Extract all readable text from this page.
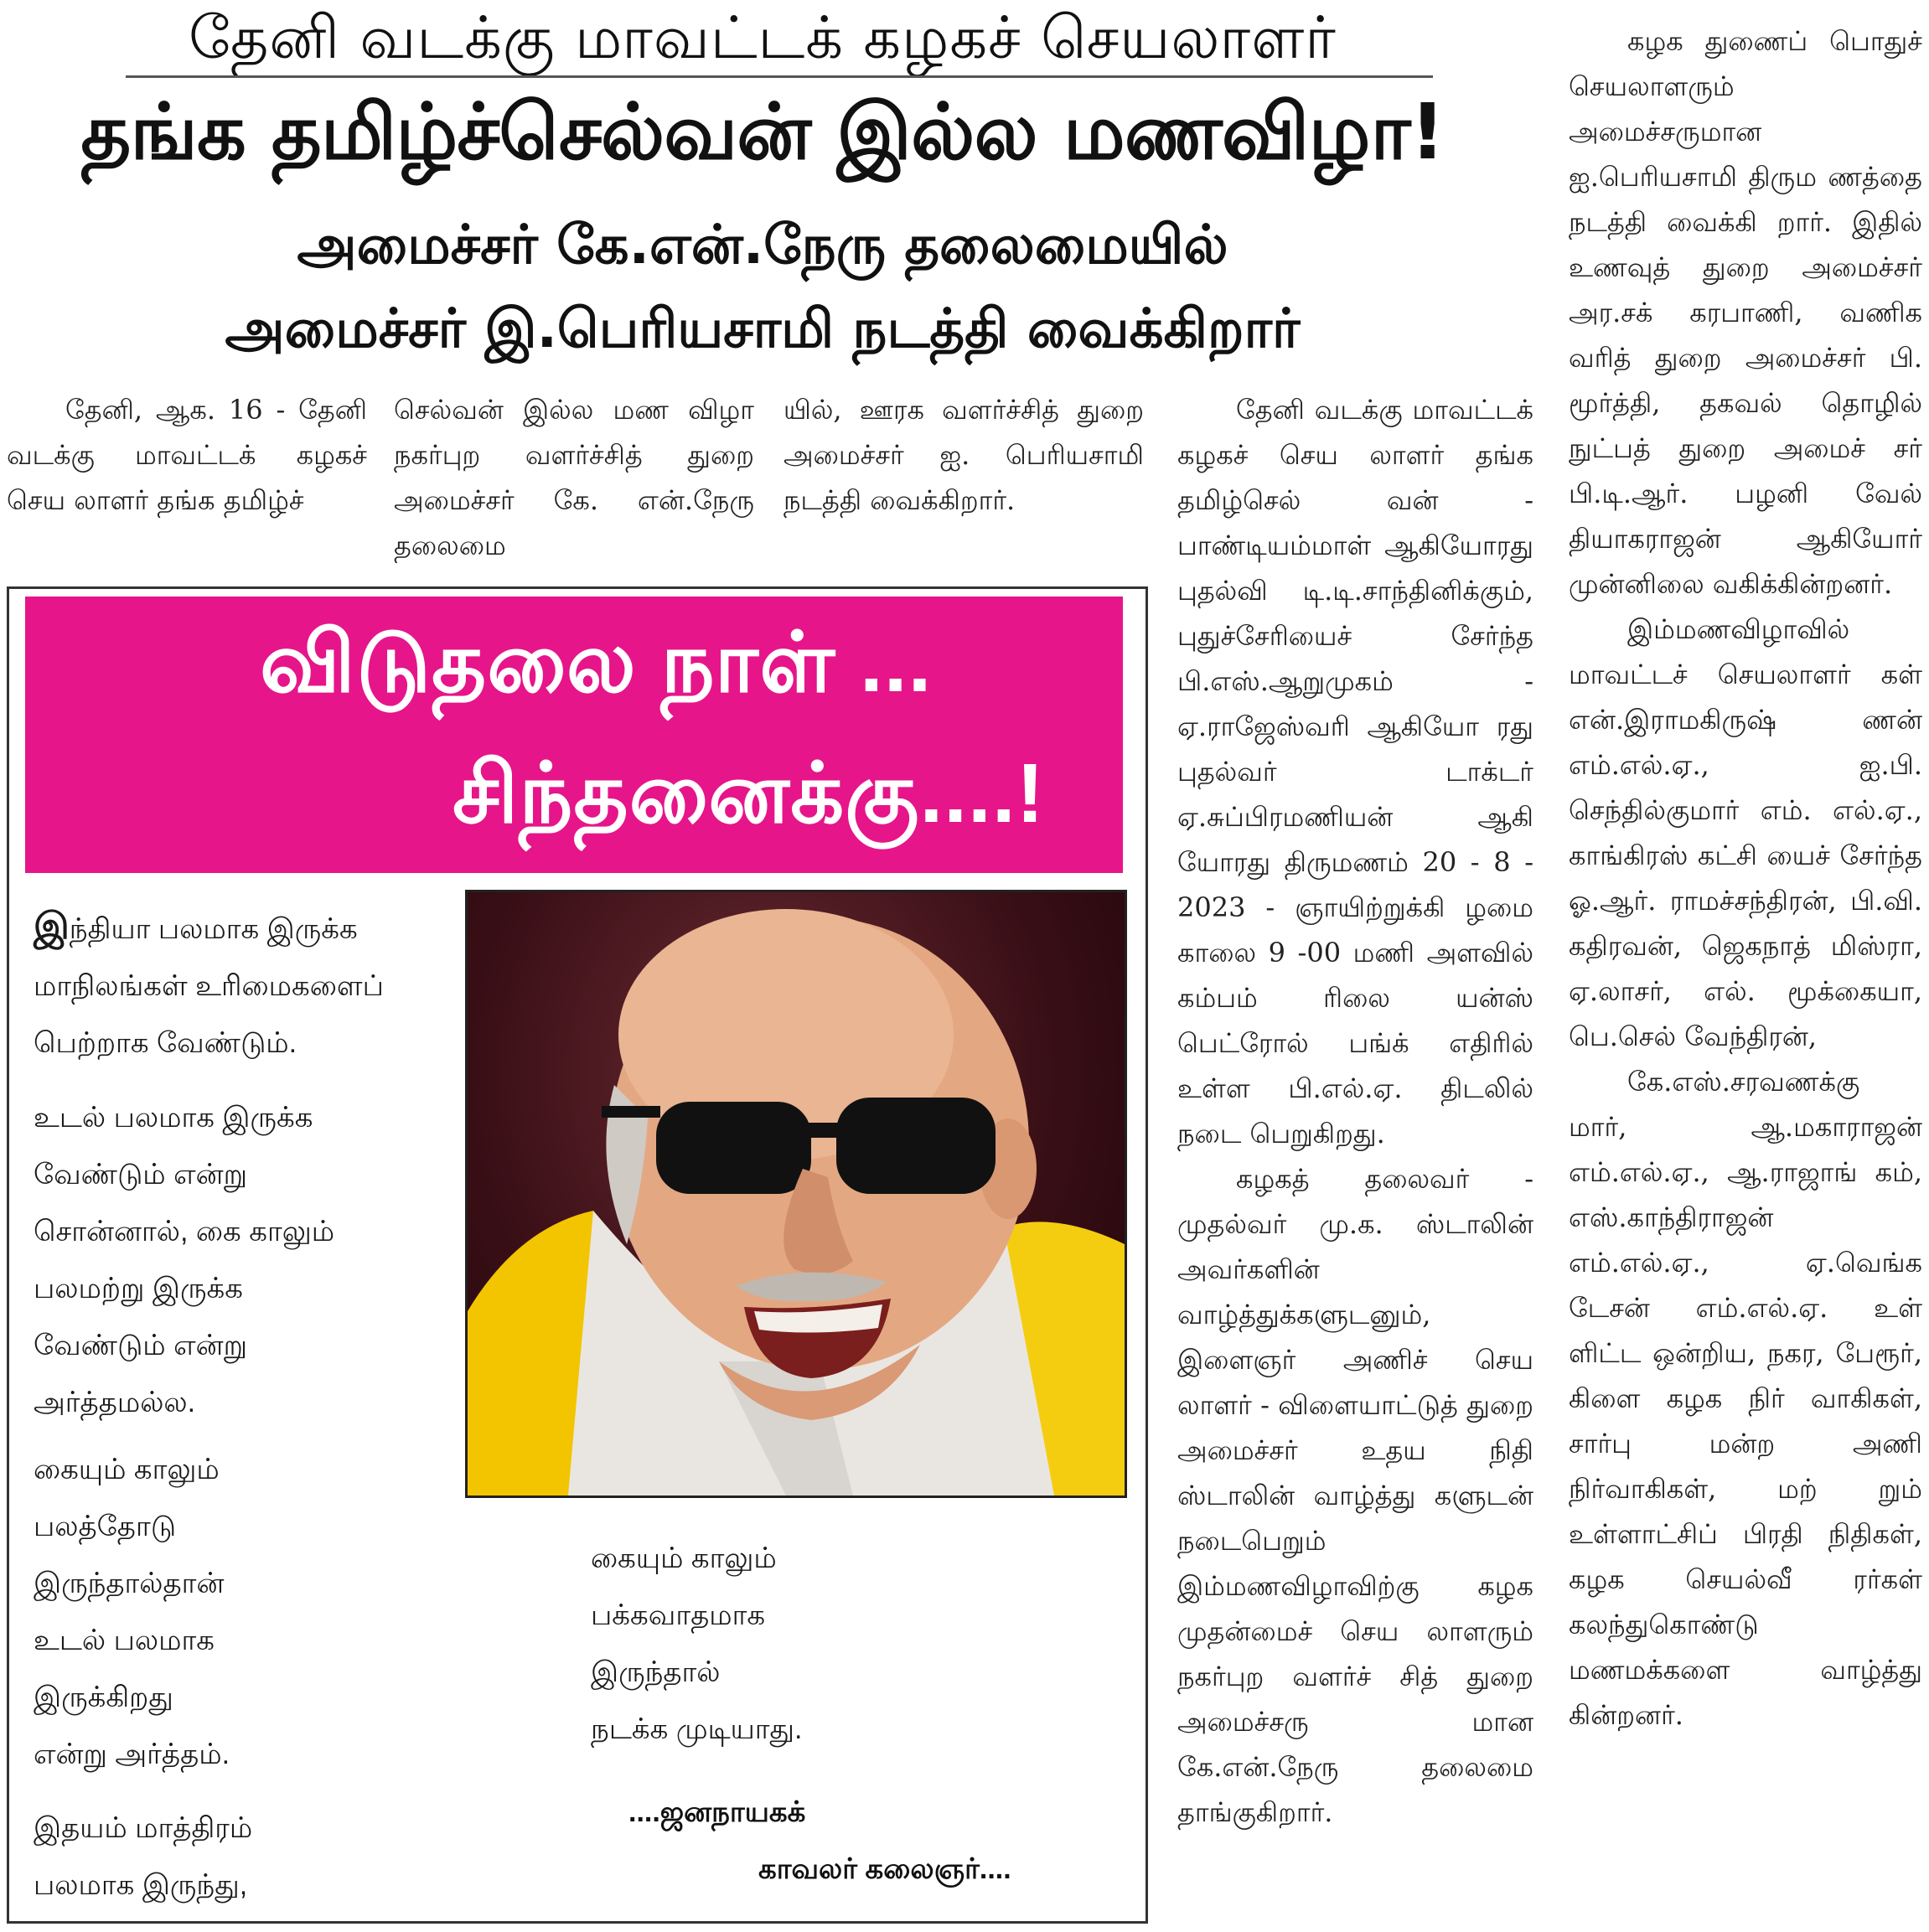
தேனி வடக்கு மாவட்டக் கழகச் செயலாளர்
தங்க தமிழ்ச்செல்வன் இல்ல மணவிழா!
அமைச்சர் கே.என்.நேரு தலைமையில்
அமைச்சர் இ.பெரியசாமி நடத்தி வைக்கிறார்

தேனி, ஆக. 16 - தேனி வடக்கு மாவட்டக் கழகச் செய லாளர் தங்க தமிழ்ச்

செல்வன் இல்ல மண விழா நகர்புற வளர்ச்சித் துறை அமைச்சர் கே. என்.நேரு தலைமை

யில், ஊரக வளர்ச்சித் துறை அமைச்சர் ஐ. பெரியசாமி நடத்தி வைக்கிறார்.

தேனி வடக்கு மாவட்டக் கழகச் செய லாளர் தங்க தமிழ்செல் வன் - பாண்டியம்மாள் ஆகியோரது புதல்வி டி.டி.சாந்தினிக்கும், புதுச்சேரியைச் சேர்ந்த பி.எஸ்.ஆறுமுகம் - ஏ.ராஜேஸ்வரி ஆகியோ ரது புதல்வர் டாக்டர் ஏ.சுப்பிரமணியன் ஆகி யோரது திருமணம் 20 - 8 - 2023 - ஞாயிற்றுக்கி ழமை காலை 9 -00 மணி அளவில் கம்பம் ரிலை யன்ஸ் பெட்ரோல் பங்க் எதிரில் உள்ள பி.எல்.ஏ. திடலில் நடை பெறுகிறது.

கழகத் தலைவர் - முதல்வர் மு.க. ஸ்டாலின் அவர்களின் வாழ்த்துக்களுடனும், இளைஞர் அணிச் செய லாளர் - விளையாட்டுத் துறை அமைச்சர் உதய நிதி ஸ்டாலின் வாழ்த்து களுடன் நடைபெறும் இம்மணவிழாவிற்கு கழக முதன்மைச் செய லாளரும் நகர்புற வளர்ச் சித் துறை அமைச்சரு மான கே.என்.நேரு தலைமை தாங்குகிறார்.

கழக துணைப் பொதுச் செயலாளரும் அமைச்சருமான ஐ.பெரியசாமி திரும ணத்தை நடத்தி வைக்கி றார். இதில் உணவுத் துறை அமைச்சர் அர.சக் கரபாணி, வணிக வரித் துறை அமைச்சர் பி. மூர்த்தி, தகவல் தொழில் நுட்பத் துறை அமைச் சர் பி.டி.ஆர். பழனி வேல் தியாகராஜன் ஆகியோர் முன்னிலை வகிக்கின்றனர்.

இம்மணவிழாவில் மாவட்டச் செயலாளர் கள் என்.இராமகிருஷ் ணன் எம்.எல்.ஏ., ஐ.பி. செந்தில்குமார் எம். எல்.ஏ., காங்கிரஸ் கட்சி யைச் சேர்ந்த ஓ.ஆர். ராமச்சந்திரன், பி.வி. கதிரவன், ஜெகநாத் மிஸ்ரா, ஏ.லாசர், எல். மூக்கையா, பெ.செல் வேந்திரன்,

கே.எஸ்.சரவணக்கு மார், ஆ.மகாராஜன் எம்.எல்.ஏ., ஆ.ராஜாங் கம், எஸ்.காந்திராஜன் எம்.எல்.ஏ., ஏ.வெங்க டேசன் எம்.எல்.ஏ. உள் ளிட்ட ஒன்றிய, நகர, பேரூர், கிளை கழக நிர் வாகிகள், சார்பு மன்ற அணி நிர்வாகிகள், மற் றும் உள்ளாட்சிப் பிரதி நிதிகள், கழக செயல்வீ ரர்கள் கலந்துகொண்டு மணமக்களை வாழ்த்து கின்றனர்.

விடுதலை நாள் ...
சிந்தனைக்கு....!
இந்தியா பலமாக இருக்க
மாநிலங்கள் உரிமைகளைப்
பெற்றாக வேண்டும்.
உடல் பலமாக இருக்க
வேண்டும் என்று
சொன்னால், கை காலும்
பலமற்று இருக்க
வேண்டும் என்று
அர்த்தமல்ல.
கையும் காலும்
பலத்தோடு
இருந்தால்தான்
உடல் பலமாக
இருக்கிறது
என்று அர்த்தம்.
இதயம் மாத்திரம்
பலமாக இருந்து,
கையும் காலும்
பக்கவாதமாக
இருந்தால்
நடக்க முடியாது.
....ஜனநாயகக்
காவலர் கலைஞர்....
